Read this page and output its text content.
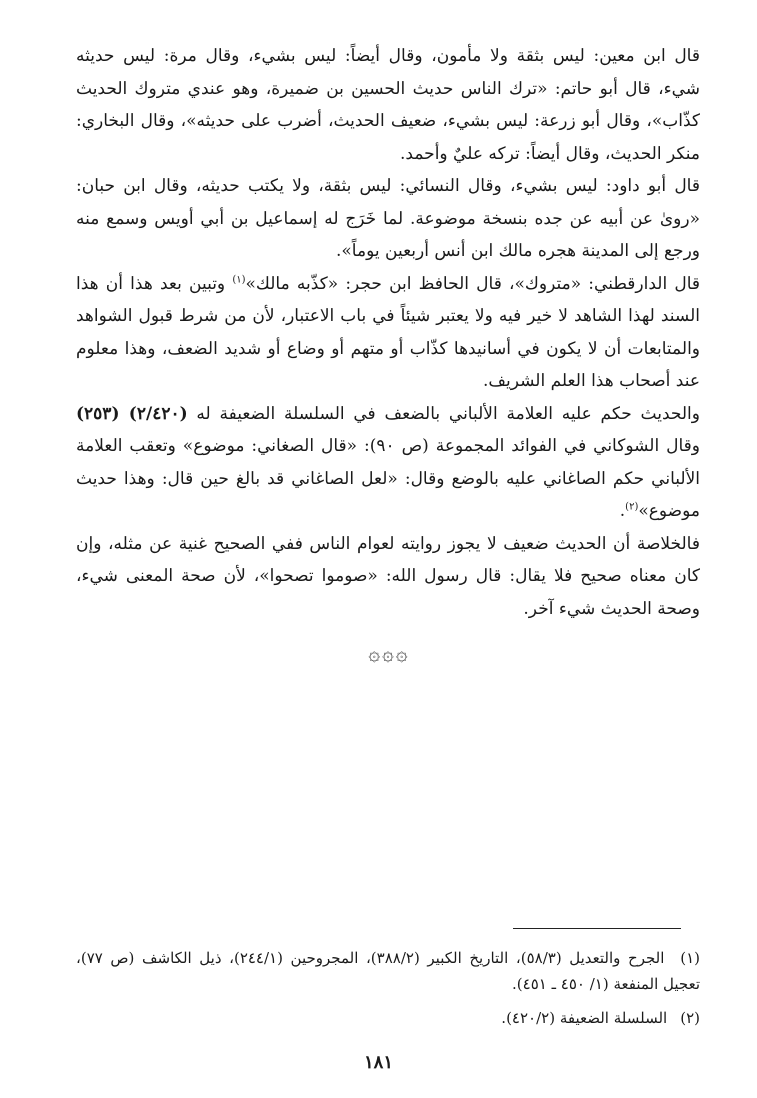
قال ابن معين: ليس بثقة ولا مأمون، وقال أيضاً: ليس بشيء، وقال مرة: ليس حديثه شيء، قال أبو حاتم: «ترك الناس حديث الحسين بن ضميرة، وهو عندي متروك الحديث كذّاب»، وقال أبو زرعة: ليس بشيء، ضعيف الحديث، أضرب على حديثه»، وقال البخاري: منكر الحديث، وقال أيضاً: تركه عليٌ وأحمد.

قال أبو داود: ليس بشيء، وقال النسائي: ليس بثقة، ولا يكتب حديثه، وقال ابن حبان: «روىٰ عن أبيه عن جده بنسخة موضوعة. لما خَرَج له إسماعيل بن أبي أويس وسمع منه ورجع إلى المدينة هجره مالك ابن أنس أربعين يوماً».

قال الدارقطني: «متروك»، قال الحافظ ابن حجر: «كذّبه مالك»$^{(١)}$ وتبين بعد هذا أن هذا السند لهذا الشاهد لا خير فيه ولا يعتبر شيئاً في باب الاعتبار، لأن من شرط قبول الشواهد والمتابعات أن لا يكون في أسانيدها كذّاب أو متهم أو وضاع أو شديد الضعف، وهذا معلوم عند أصحاب هذا العلم الشريف.

والحديث حكم عليه العلامة الألباني بالضعف في السلسلة الضعيفة له (٢/٤٢٠) (٢٥٣) وقال الشوكاني في الفوائد المجموعة (ص ٩٠): «قال الصغاني: موضوع» وتعقب العلامة الألباني حكم الصاغاني عليه بالوضع وقال: «لعل الصاغاني قد بالغ حين قال: وهذا حديث موضوع»$^{(٢)}$.

فالخلاصة أن الحديث ضعيف لا يجوز روايته لعوام الناس ففي الصحيح غنية عن مثله، وإن كان معناه صحيح فلا يقال: قال رسول الله: «صوموا تصحوا»، لأن صحة المعنى شيء، وصحة الحديث شيء آخر.

۞۞۞

(١) الجرح والتعديل (٥٨/٣)، التاريخ الكبير (٣٨٨/٢)، المجروحين (٢٤٤/١)، ذيل الكاشف (ص ٧٧)، تعجيل المنفعة (١/ ٤٥٠ ـ ٤٥١).

(٢) السلسلة الضعيفة (٤٢٠/٢).

١٨١
